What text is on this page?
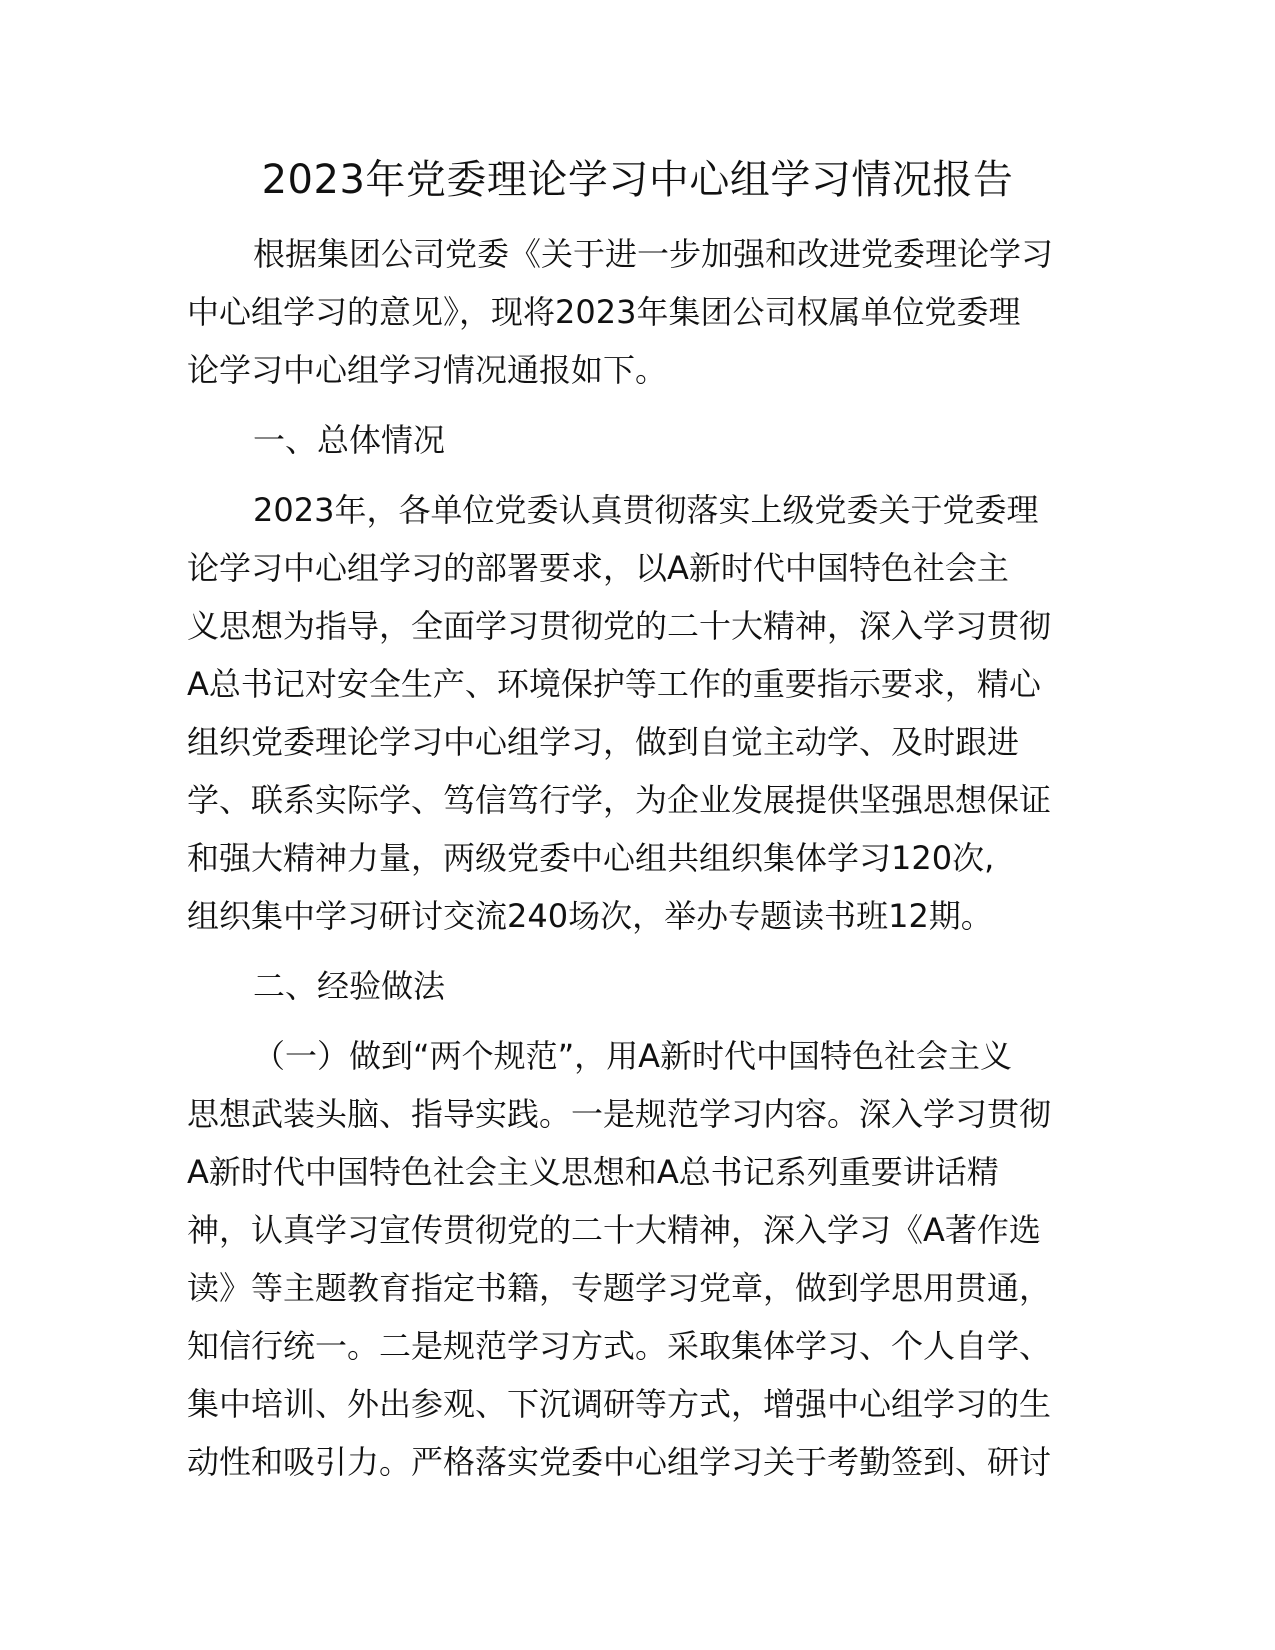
2023年党委理论学习中心组学习情况报告
根据集团公司党委《关于进一步加强和改进党委理论学习
中心组学习的意见》，现将2023年集团公司权属单位党委理
论学习中心组学习情况通报如下。
一、总体情况
2023年，各单位党委认真贯彻落实上级党委关于党委理
论学习中心组学习的部署要求，以A新时代中国特色社会主
义思想为指导，全面学习贯彻党的二十大精神，深入学习贯彻
A总书记对安全生产、环境保护等工作的重要指示要求，精心
组织党委理论学习中心组学习，做到自觉主动学、及时跟进
学、联系实际学、笃信笃行学，为企业发展提供坚强思想保证
和强大精神力量，两级党委中心组共组织集体学习120次,
组织集中学习研讨交流240场次，举办专题读书班12期。
二、经验做法
（一）做到“两个规范”，用A新时代中国特色社会主义
思想武装头脑、指导实践。一是规范学习内容。深入学习贯彻
A新时代中国特色社会主义思想和A总书记系列重要讲话精
神，认真学习宣传贯彻党的二十大精神，深入学习《A著作选
读》等主题教育指定书籍，专题学习党章，做到学思用贯通，
知信行统一。二是规范学习方式。采取集体学习、个人自学、
集中培训、外出参观、下沉调研等方式，增强中心组学习的生
动性和吸引力。严格落实党委中心组学习关于考勤签到、研讨
